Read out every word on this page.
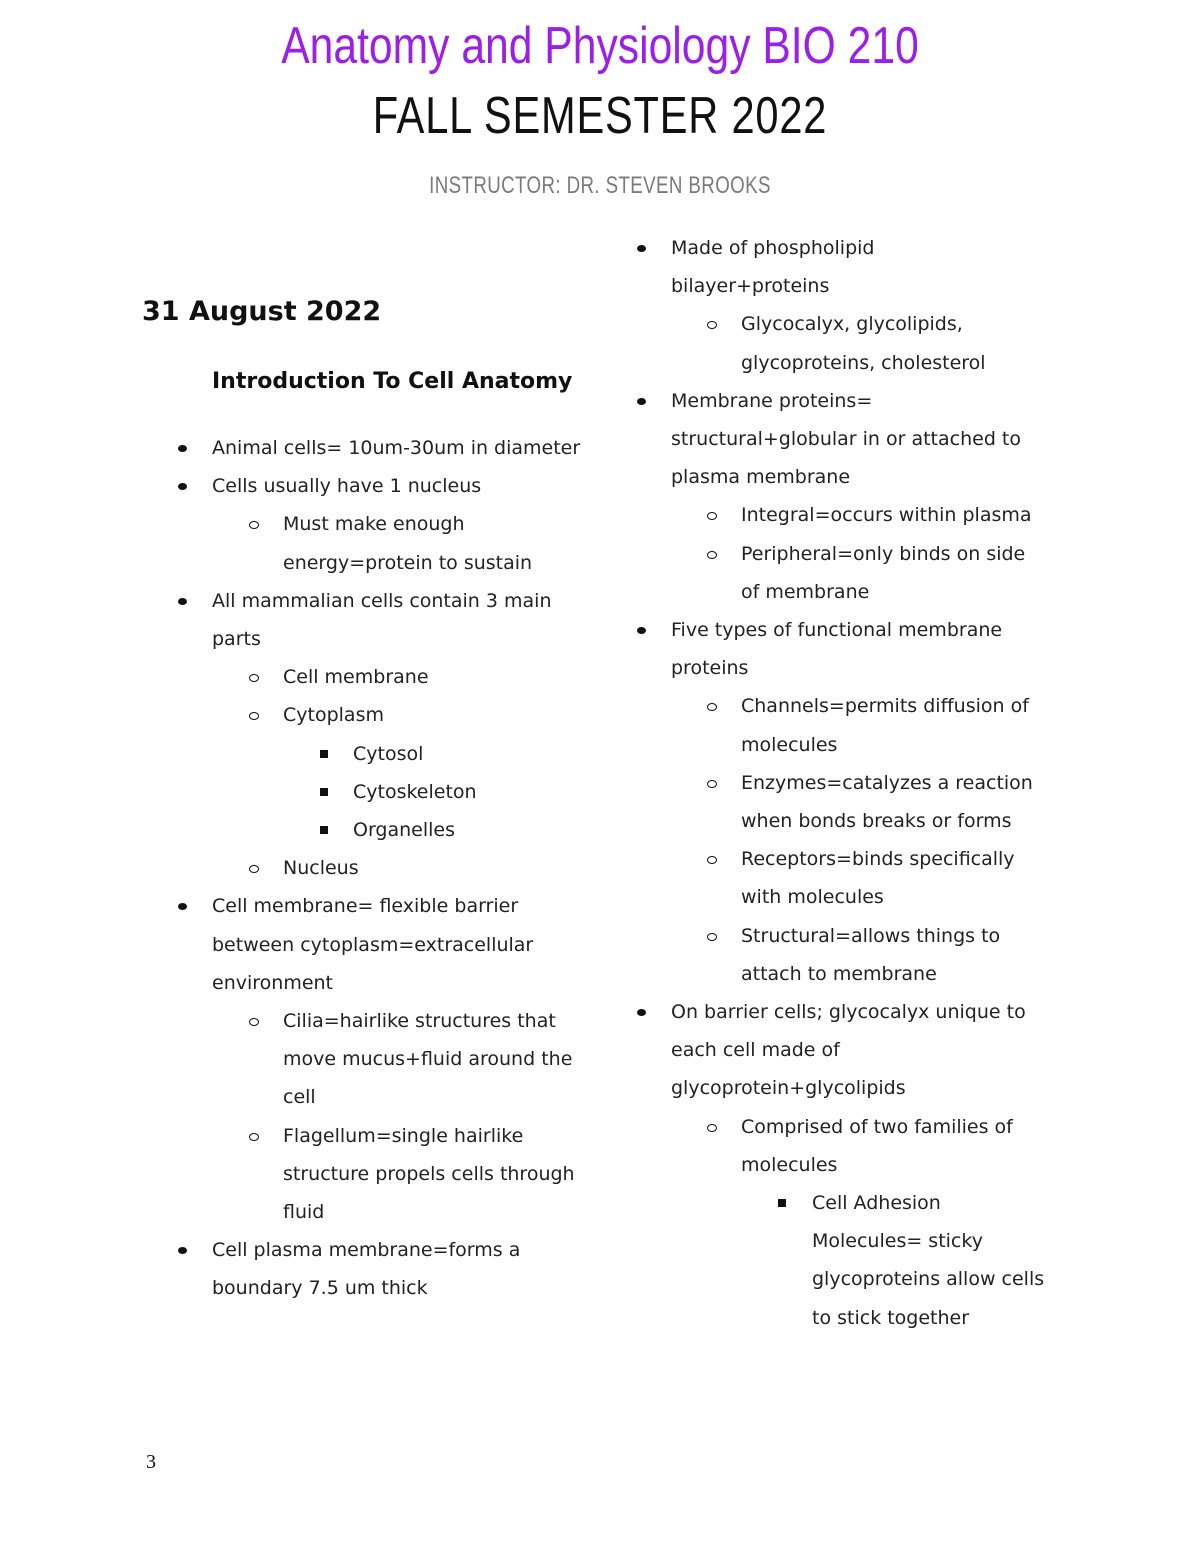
Anatomy and Physiology BIO 210
FALL SEMESTER 2022
INSTRUCTOR: DR. STEVEN BROOKS
31 August 2022
Introduction To Cell Anatomy
Animal cells= 10um-30um in diameter
Cells usually have 1 nucleus
Must make enough
energy=protein to sustain
All mammalian cells contain 3 main
parts
Cell membrane
Cytoplasm
Cytosol
Cytoskeleton
Organelles
Nucleus
Cell membrane= flexible barrier
between cytoplasm=extracellular
environment
Cilia=hairlike structures that
move mucus+fluid around the
cell
Flagellum=single hairlike
structure propels cells through
fluid
Cell plasma membrane=forms a
boundary 7.5 um thick
Made of phospholipid
bilayer+proteins
Glycocalyx, glycolipids,
glycoproteins, cholesterol
Membrane proteins=
structural+globular in or attached to
plasma membrane
Integral=occurs within plasma
Peripheral=only binds on side
of membrane
Five types of functional membrane
proteins
Channels=permits diffusion of
molecules
Enzymes=catalyzes a reaction
when bonds breaks or forms
Receptors=binds specifically
with molecules
Structural=allows things to
attach to membrane
On barrier cells; glycocalyx unique to
each cell made of
glycoprotein+glycolipids
Comprised of two families of
molecules
Cell Adhesion
Molecules= sticky
glycoproteins allow cells
to stick together
3
